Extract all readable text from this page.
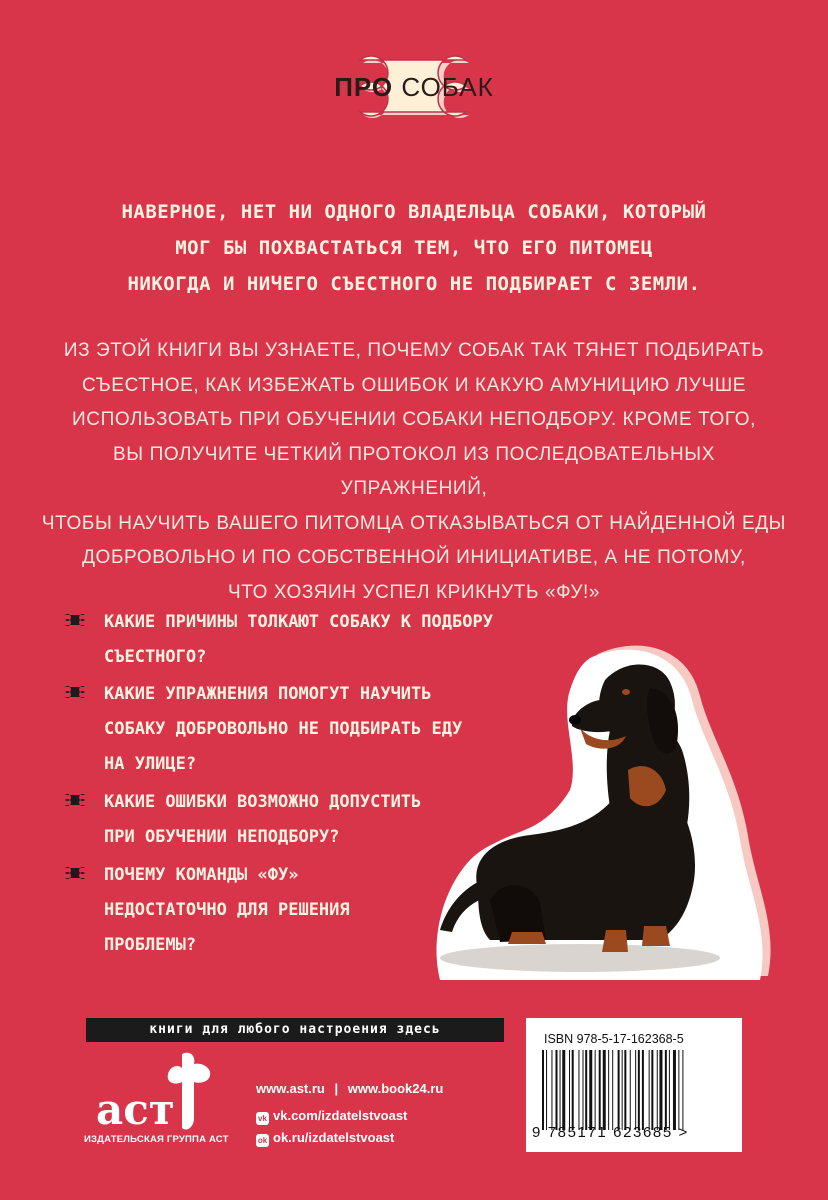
ПРО СОБАК
НАВЕРНОЕ, НЕТ НИ ОДНОГО ВЛАДЕЛЬЦА СОБАКИ, КОТОРЫЙ
МОГ БЫ ПОХВАСТАТЬСЯ ТЕМ, ЧТО ЕГО ПИТОМЕЦ
НИКОГДА И НИЧЕГО СЪЕСТНОГО НЕ ПОДБИРАЕТ С ЗЕМЛИ.
ИЗ ЭТОЙ КНИГИ ВЫ УЗНАЕТЕ, ПОЧЕМУ СОБАК ТАК ТЯНЕТ ПОДБИРАТЬ
СЪЕСТНОЕ, КАК ИЗБЕЖАТЬ ОШИБОК И КАКУЮ АМУНИЦИЮ ЛУЧШЕ
ИСПОЛЬЗОВАТЬ ПРИ ОБУЧЕНИИ СОБАКИ НЕПОДБОРУ. КРОМЕ ТОГО,
ВЫ ПОЛУЧИТЕ ЧЕТКИЙ ПРОТОКОЛ ИЗ ПОСЛЕДОВАТЕЛЬНЫХ УПРАЖНЕНИЙ,
ЧТОБЫ НАУЧИТЬ ВАШЕГО ПИТОМЦА ОТКАЗЫВАТЬСЯ ОТ НАЙДЕННОЙ ЕДЫ
ДОБРОВОЛЬНО И ПО СОБСТВЕННОЙ ИНИЦИАТИВЕ, А НЕ ПОТОМУ,
ЧТО ХОЗЯИН УСПЕЛ КРИКНУТЬ «ФУ!»
КАКИЕ ПРИЧИНЫ ТОЛКАЮТ СОБАКУ К ПОДБОРУ
СЪЕСТНОГО?
КАКИЕ УПРАЖНЕНИЯ ПОМОГУТ НАУЧИТЬ
СОБАКУ ДОБРОВОЛЬНО НЕ ПОДБИРАТЬ ЕДУ
НА УЛИЦЕ?
КАКИЕ ОШИБКИ ВОЗМОЖНО ДОПУСТИТЬ
ПРИ ОБУЧЕНИИ НЕПОДБОРУ?
ПОЧЕМУ КОМАНДЫ «ФУ»
НЕДОСТАТОЧНО ДЛЯ РЕШЕНИЯ
ПРОБЛЕМЫ?
книги для любого настроения здесь
аст
ИЗДАТЕЛЬСКАЯ ГРУППА АСТ
www.ast.ru | www.book24.ru
vk vk.com/izdatelstvoast
ok ok.ru/izdatelstvoast
ISBN 978-5-17-162368-5
9 785171 623685 >
